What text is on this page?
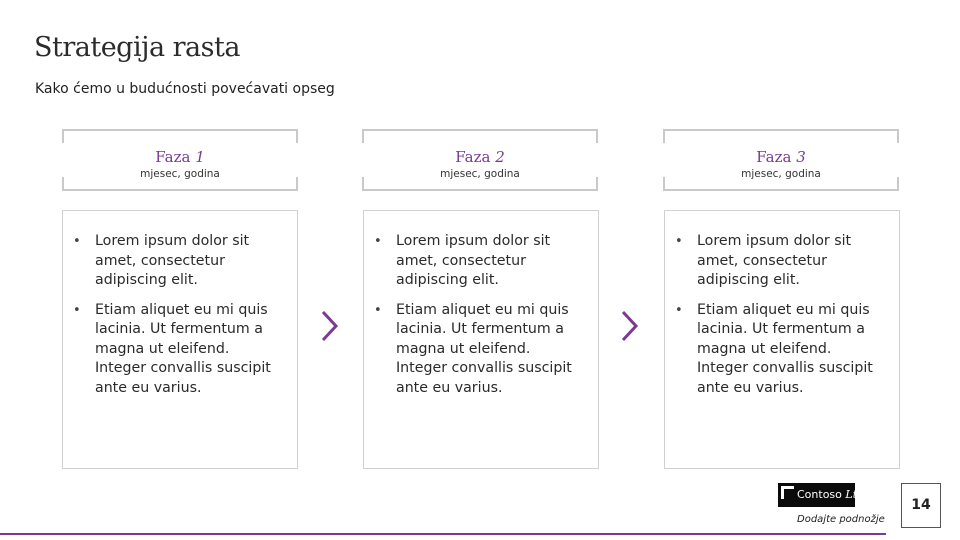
Strategija rasta
Kako ćemo u budućnosti povećavati opseg
Faza 1
mjesec, godina
• Lorem ipsum dolor sit amet, consectetur adipiscing elit.
• Etiam aliquet eu mi quis lacinia. Ut fermentum a magna ut eleifend. Integer convallis suscipit ante eu varius.
Faza 2
mjesec, godina
• Lorem ipsum dolor sit amet, consectetur adipiscing elit.
• Etiam aliquet eu mi quis lacinia. Ut fermentum a magna ut eleifend. Integer convallis suscipit ante eu varius.
Faza 3
mjesec, godina
• Lorem ipsum dolor sit amet, consectetur adipiscing elit.
• Etiam aliquet eu mi quis lacinia. Ut fermentum a magna ut eleifend. Integer convallis suscipit ante eu varius.
Contoso Ltd.
Dodajte podnožje
14
